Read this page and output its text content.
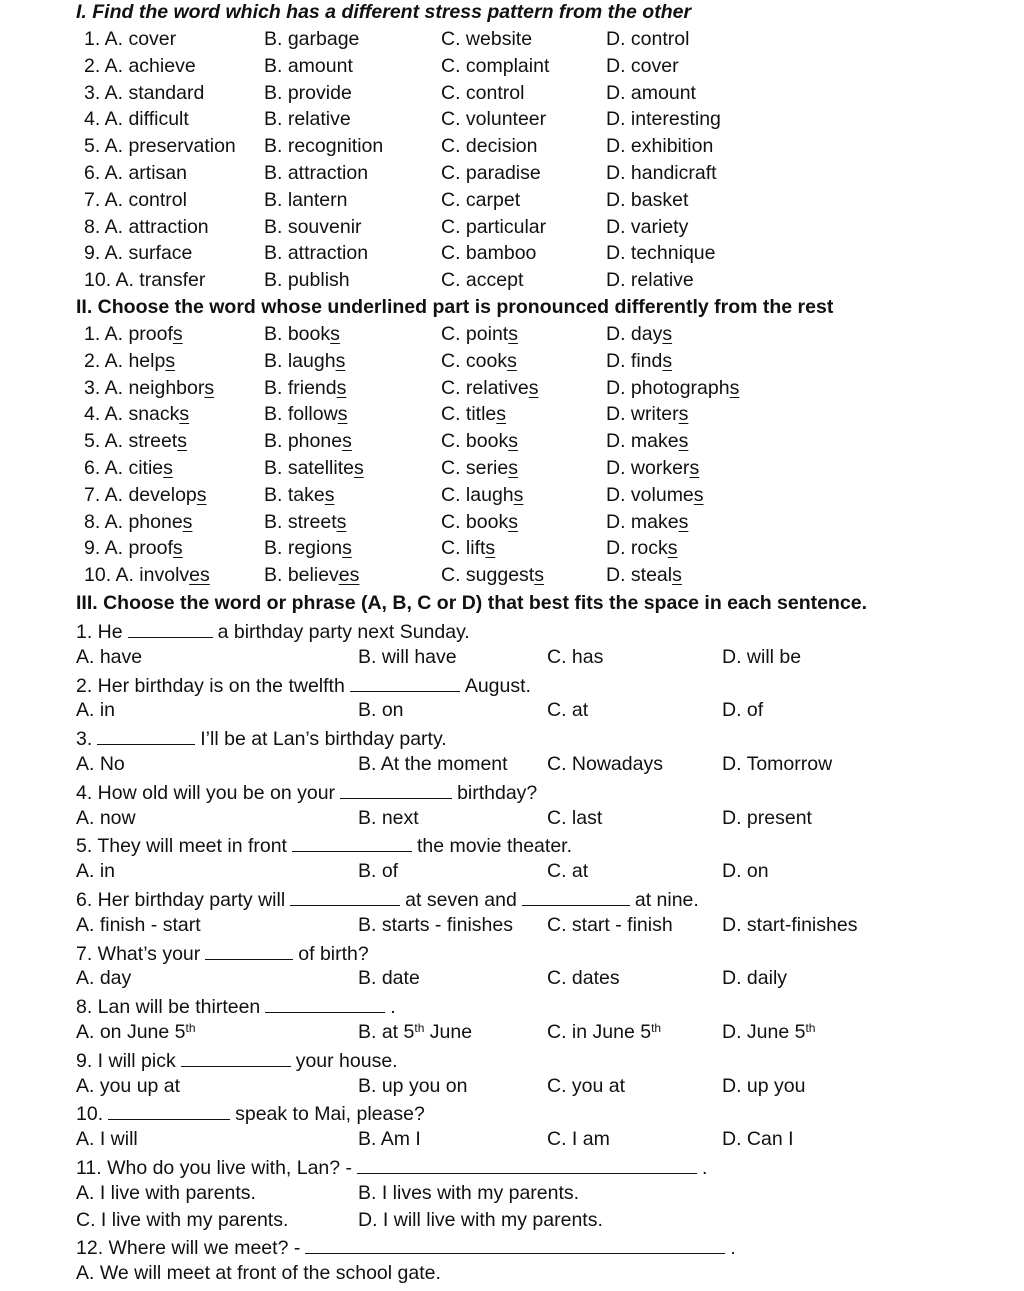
I. Find the word which has a different stress pattern from the other
1. A. cover	B. garbage	C. website	D. control
2. A. achieve	B. amount	C. complaint	D. cover
3. A. standard	B. provide	C. control	D. amount
4. A. difficult	B. relative	C. volunteer	D. interesting
5. A. preservation B. recognition	C. decision	D. exhibition
6. A. artisan	B. attraction	C. paradise	D. handicraft
7. A. control	B. lantern	C. carpet	D. basket
8. A. attraction	B. souvenir	C. particular	D. variety
9. A. surface	B. attraction	C. bamboo	D. technique
10. A. transfer	B. publish	C. accept	D. relative
II. Choose the word whose underlined part is pronounced differently from the rest
1. A. proofs	B. books	C. points	D. days
2. A. helps	B. laughs	C. cooks	D. finds
3. A. neighbors	B. friends	C. relatives	D. photographs
4. A. snacks	B. follows	C. titles	D. writers
5. A. streets	B. phones	C. books	D. makes
6. A. cities	B. satellites	C. series	D. workers
7. A. develops	B. takes	C. laughs	D. volumes
8. A. phones	B. streets	C. books	D. makes
9. A. proofs	B. regions	C. lifts	D. rocks
10. A. involves	B. believes	C. suggests	D. steals
III. Choose the word or phrase (A, B, C or D) that best fits the space in each sentence.
1. He	a birthday party next Sunday.
A. have	B. will have	C. has	D. will be
2. Her birthday is on the twelfth	August.
A. in	B. on	C. at	D. of
3.	I’ll be at Lan’s birthday party.
A. No	B. At the moment C. Nowadays	D. Tomorrow
4. How old will you be on your	birthday?
A. now	B. next	C. last	D. present
5. They will meet in front	the movie theater.
A. in	B. of	C. at	D. on
6. Her birthday party will	at seven and	at nine.
A. finish - start	B. starts - finishes C. start - finish	D. start-finishes
7. What’s your	of birth?
A. day	B. date	C. dates	D. daily
8. Lan will be thirteen	.
A. on June 5th	B. at 5th June	C. in June 5th	D. June 5th
9. I will pick	your house.
A. you up at	B. up you on	C. you at	D. up you
10.	speak to Mai, please?
A. I will	B. Am I	C. I am	D. Can I
11. Who do you live with, Lan? -	.
A. I live with parents.	B. I lives with my parents.
C. I live with my parents.	D. I will live with my parents.
12. Where will we meet? -	.
A. We will meet at front of the school gate.
